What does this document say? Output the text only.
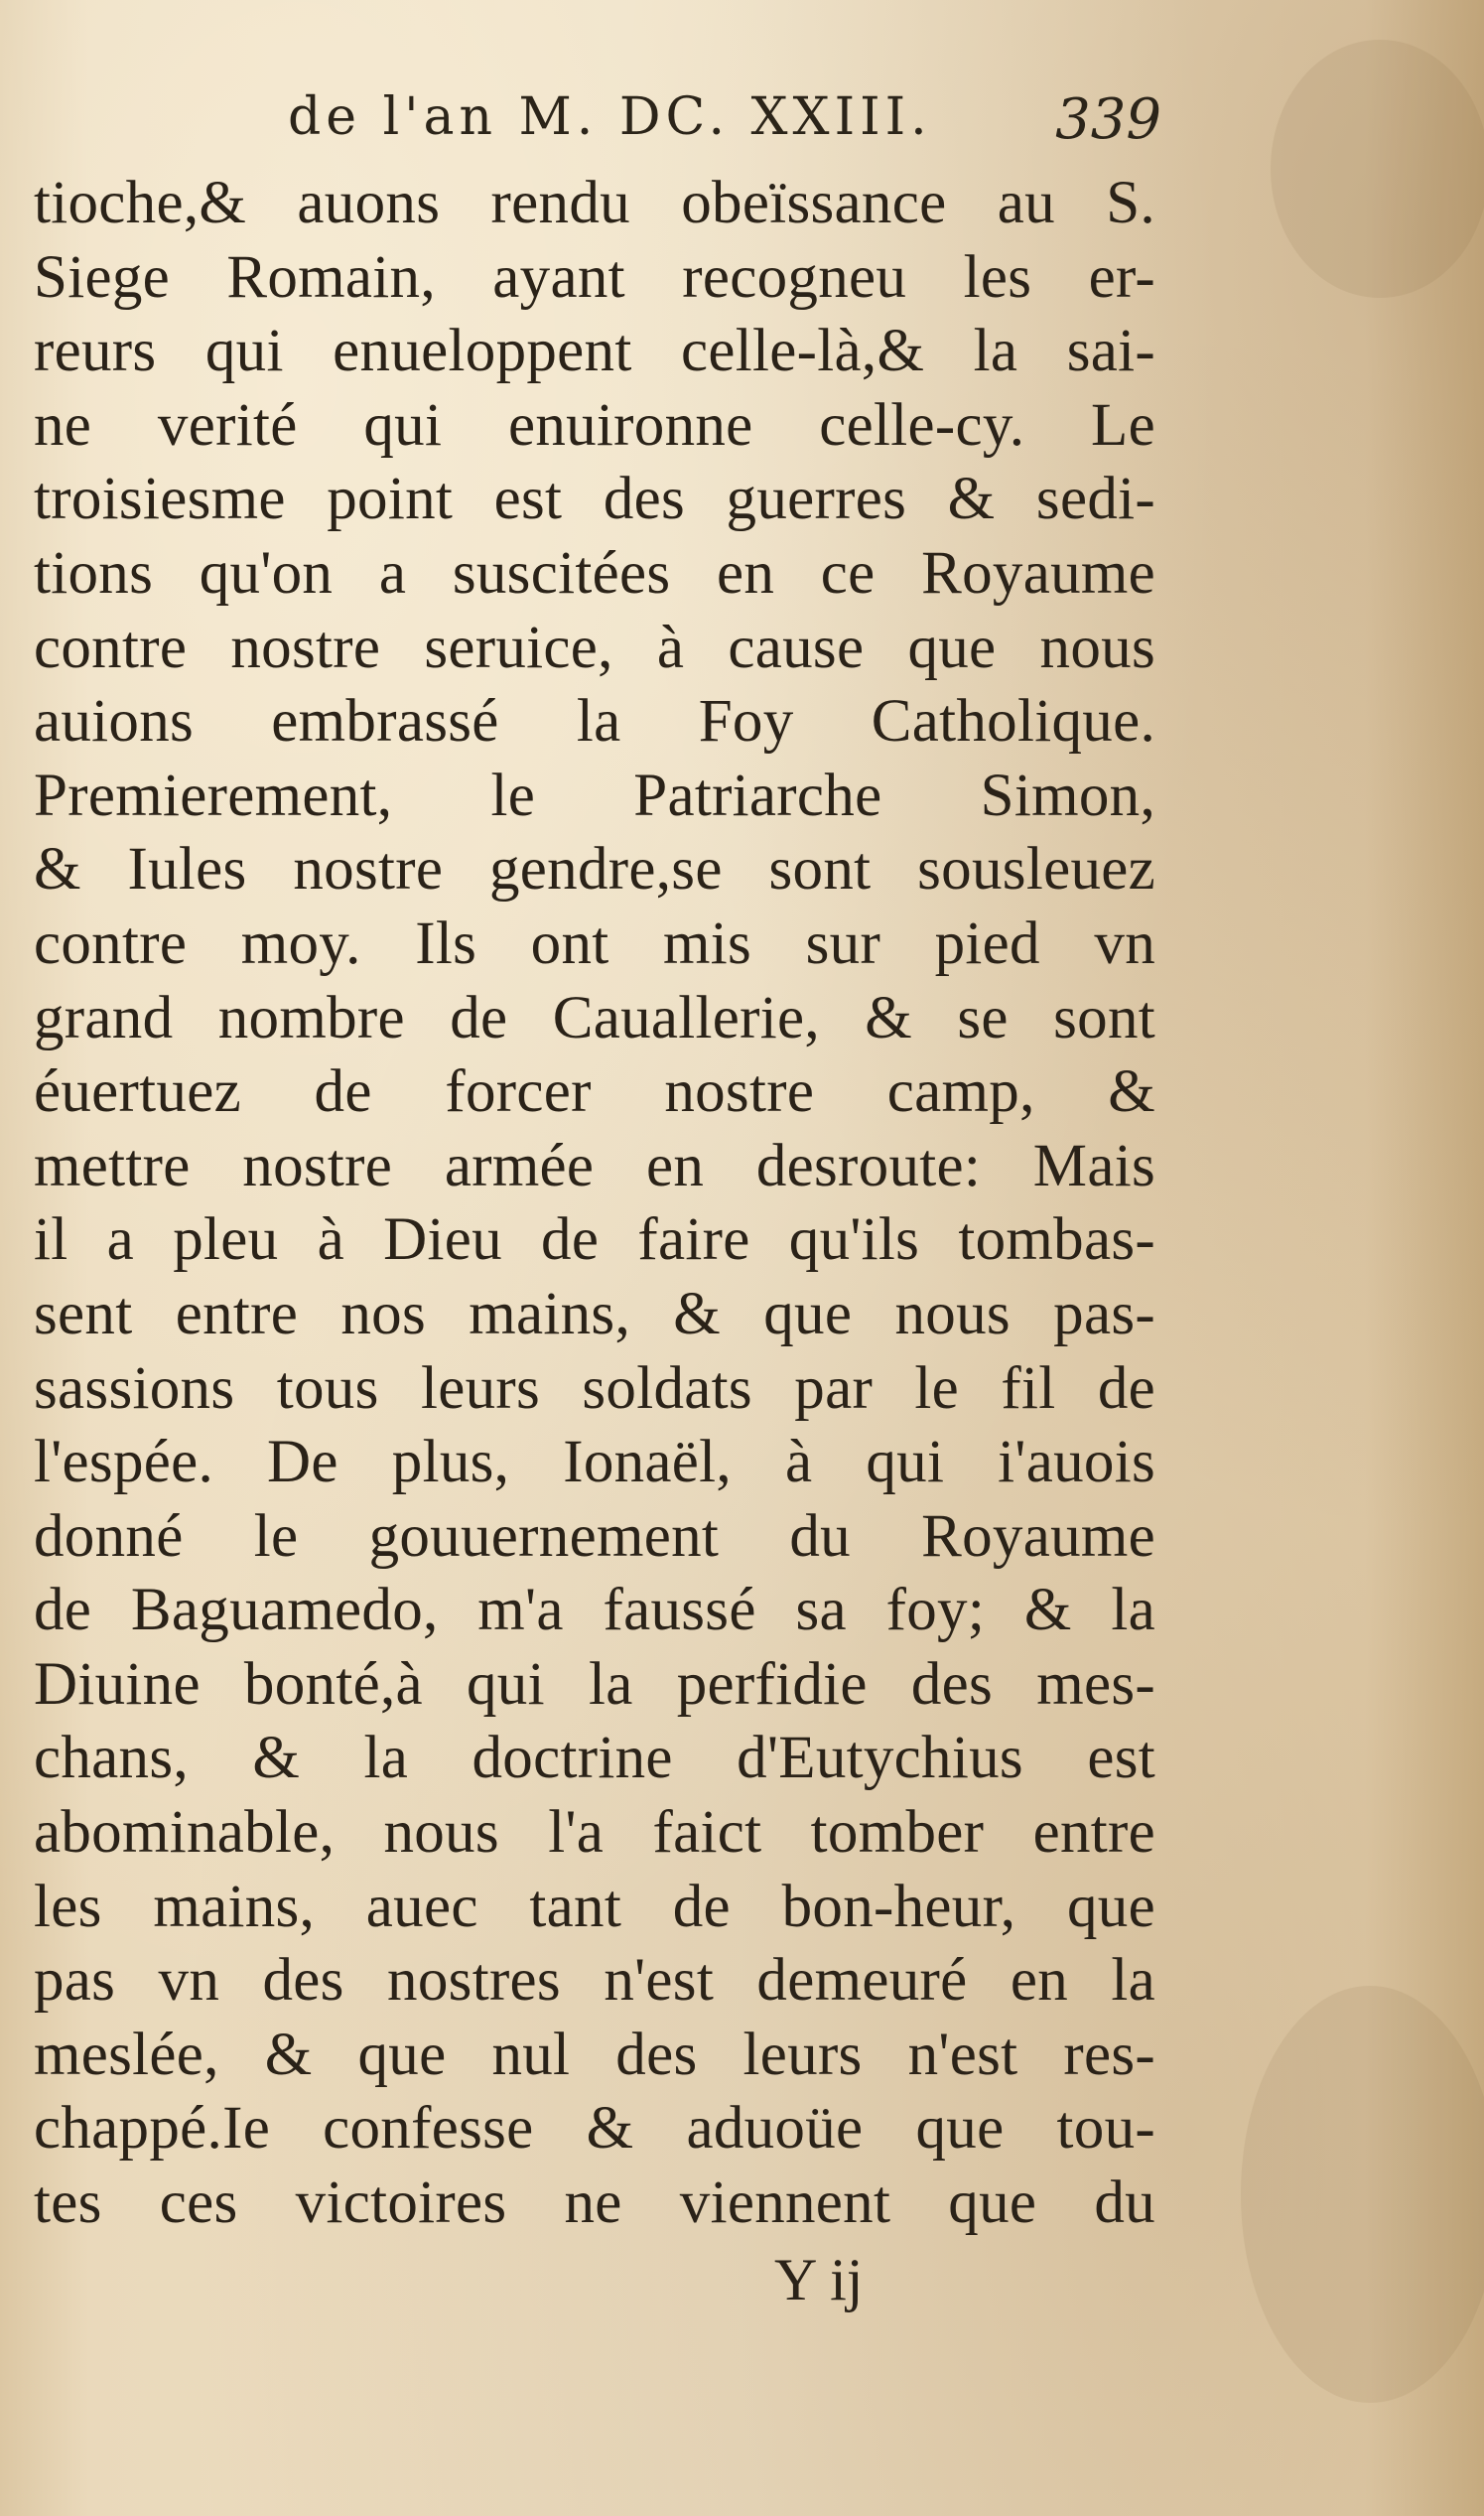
de l'an M. DC. XXIII. 339
tioche,& auons rendu obeïssance au S.
Siege Romain, ayant recogneu les er-
reurs qui enueloppent celle-là,& la sai-
ne verité qui enuironne celle-cy. Le
troisiesme point est des guerres & sedi-
tions qu'on a suscitées en ce Royaume
contre nostre seruice, à cause que nous
auions embrassé la Foy Catholique.
Premierement, le Patriarche Simon,
& Iules nostre gendre,se sont sousleuez
contre moy. Ils ont mis sur pied vn
grand nombre de Cauallerie, & se sont
éuertuez de forcer nostre camp, &
mettre nostre armée en desroute: Mais
il a pleu à Dieu de faire qu'ils tombas-
sent entre nos mains, & que nous pas-
sassions tous leurs soldats par le fil de
l'espée. De plus, Ionaël, à qui i'auois
donné le gouuernement du Royaume
de Baguamedo, m'a faussé sa foy; & la
Diuine bonté,à qui la perfidie des mes-
chans, & la doctrine d'Eutychius est
abominable, nous l'a faict tomber entre
les mains, auec tant de bon-heur, que
pas vn des nostres n'est demeuré en la
meslée, & que nul des leurs n'est res-
chappé.Ie confesse & aduoüe que tou-
tes ces victoires ne viennent que du
Y ij
